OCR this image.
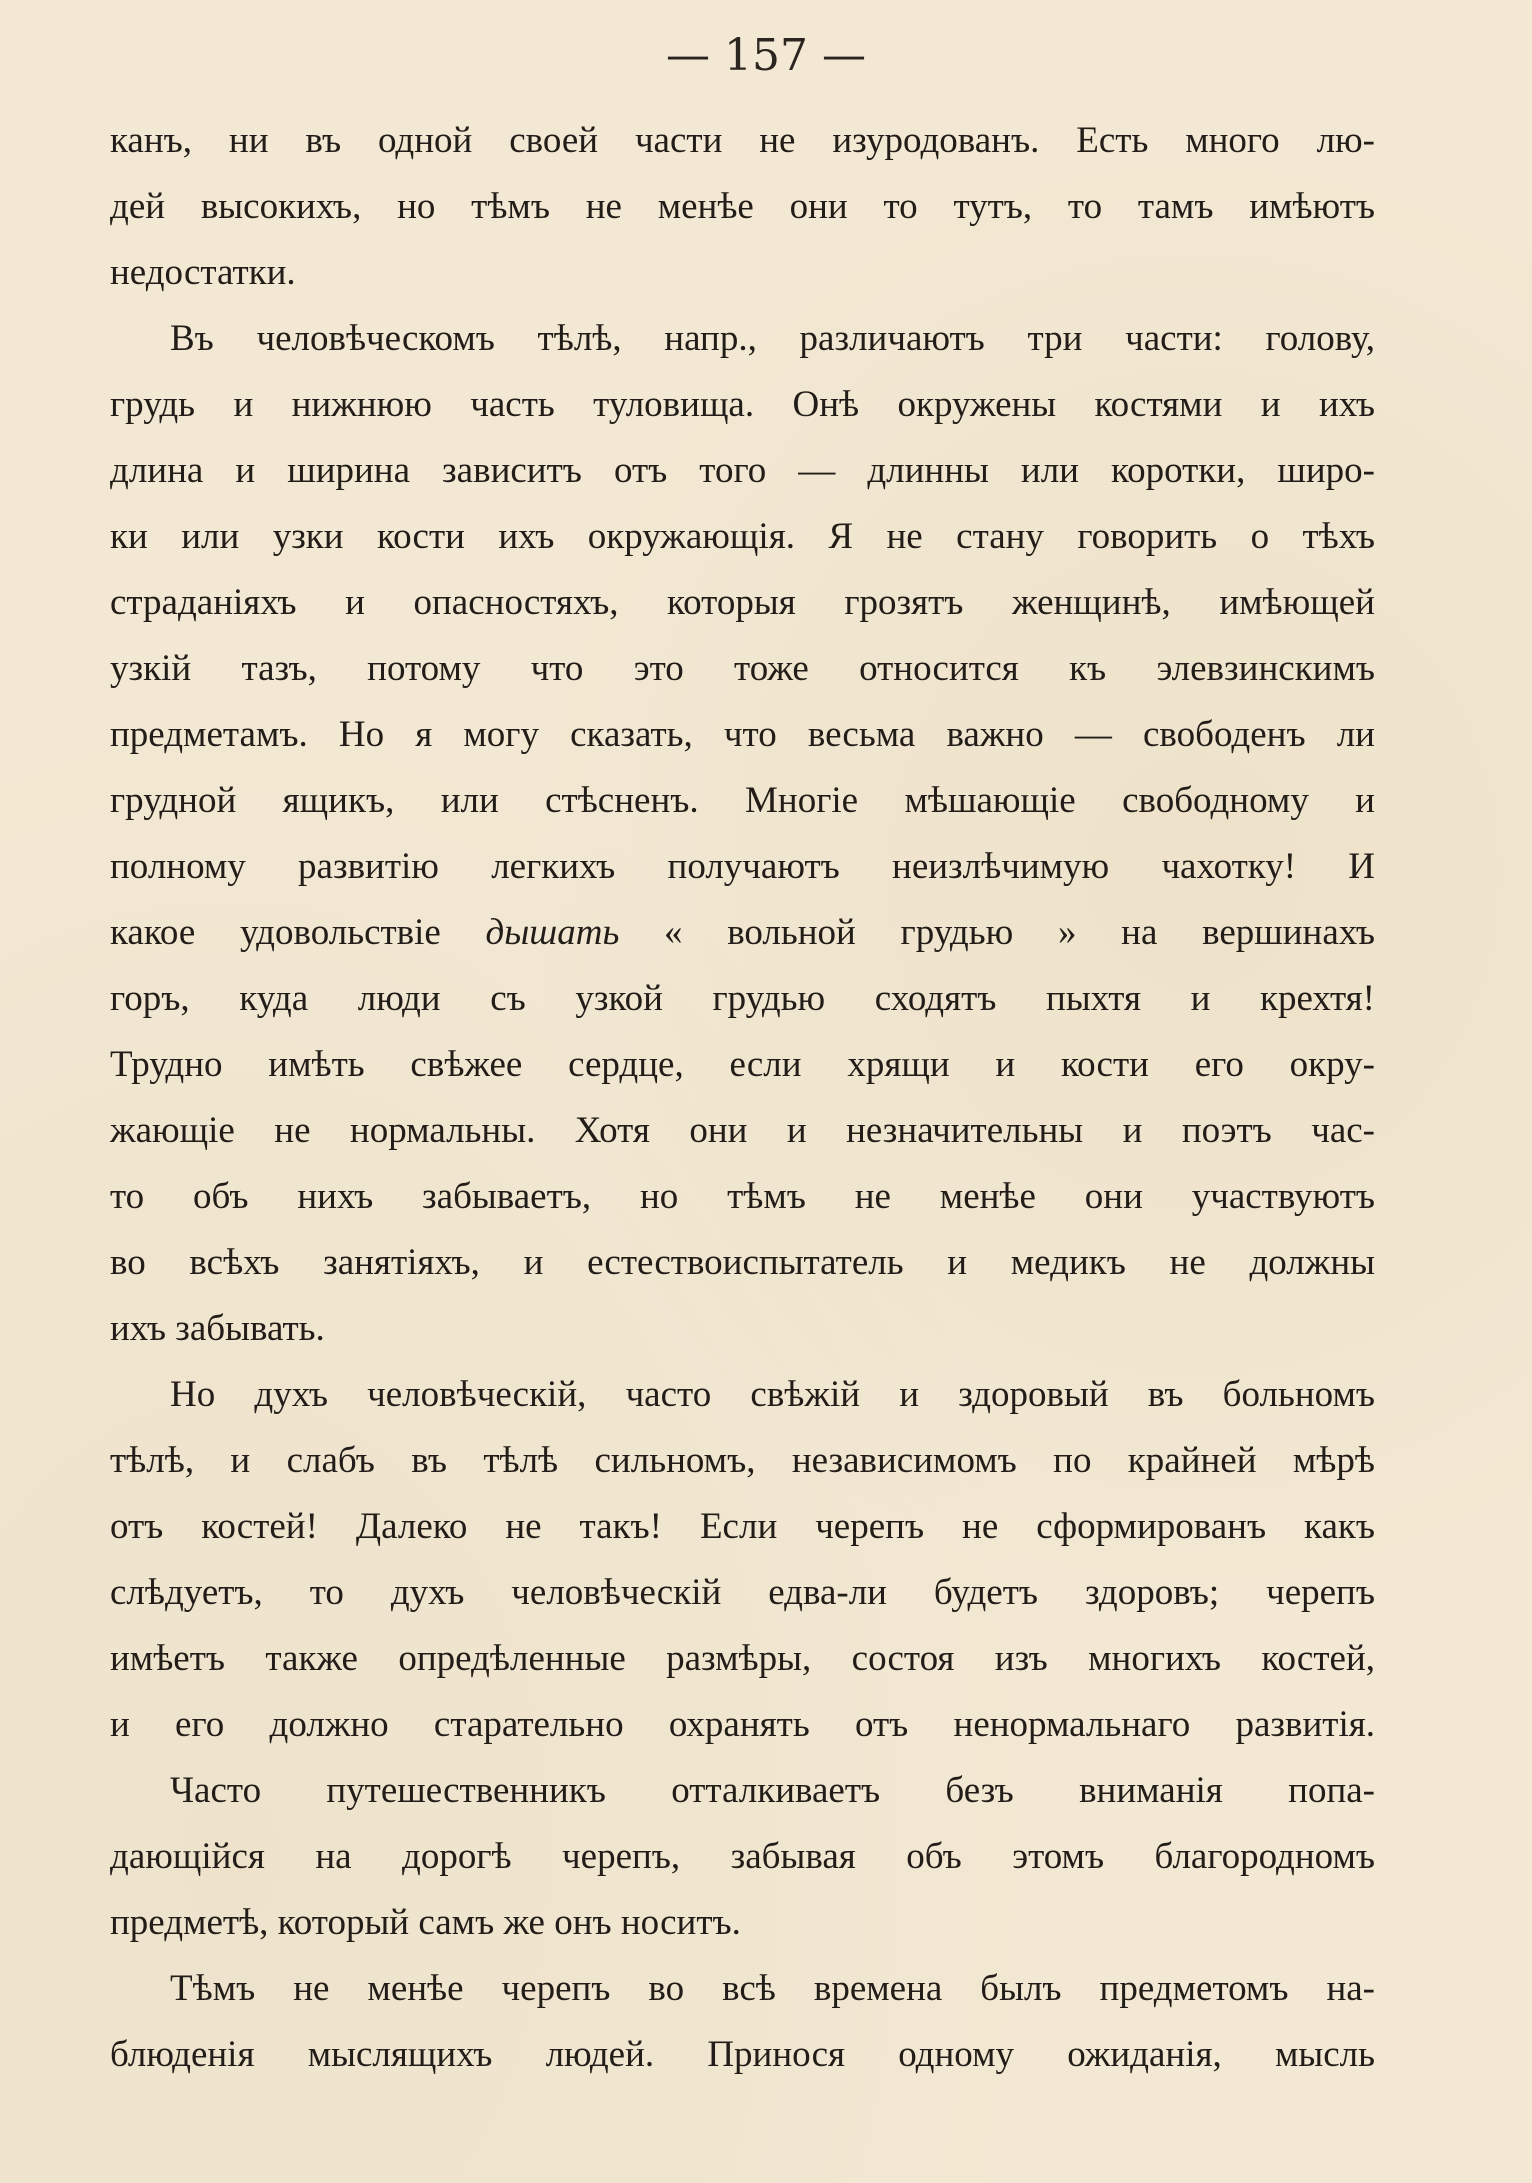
— 157 —
канъ, ни въ одной своей части не изуродованъ. Есть много лю-
дей высокихъ, но тѣмъ не менѣе они то тутъ, то тамъ имѣютъ
недостатки.
Въ человѣческомъ тѣлѣ, напр., различаютъ три части: голову,
грудь и нижнюю часть туловища. Онѣ окружены костями и ихъ
длина и ширина зависитъ отъ того — длинны или коротки, широ-
ки или узки кости ихъ окружающія. Я не стану говорить о тѣхъ
страданіяхъ и опасностяхъ, которыя грозятъ женщинѣ, имѣющей
узкій тазъ, потому что это тоже относится къ элевзинскимъ
предметамъ. Но я могу сказать, что весьма важно — свободенъ ли
грудной ящикъ, или стѣсненъ. Многіе мѣшающіе свободному и
полному развитію легкихъ получаютъ неизлѣчимую чахотку! И
какое удовольствіе дышать « вольной грудью » на вершинахъ
горъ, куда люди съ узкой грудью сходятъ пыхтя и крехтя!
Трудно имѣть свѣжее сердце, если хрящи и кости его окру-
жающіе не нормальны. Хотя они и незначительны и поэтъ час-
то объ нихъ забываетъ, но тѣмъ не менѣе они участвуютъ
во всѣхъ занятіяхъ, и естествоиспытатель и медикъ не должны
ихъ забывать.
Но духъ человѣческій, часто свѣжій и здоровый въ больномъ
тѣлѣ, и слабъ въ тѣлѣ сильномъ, независимомъ по крайней мѣрѣ
отъ костей! Далеко не такъ! Если черепъ не сформированъ какъ
слѣдуетъ, то духъ человѣческій едва-ли будетъ здоровъ; черепъ
имѣетъ также опредѣленные размѣры, состоя изъ многихъ костей,
и его должно старательно охранять отъ ненормальнаго развитія.
Часто путешественникъ отталкиваетъ безъ вниманія попа-
дающійся на дорогѣ черепъ, забывая объ этомъ благородномъ
предметѣ, который самъ же онъ носитъ.
Тѣмъ не менѣе черепъ во всѣ времена былъ предметомъ на-
блюденія мыслящихъ людей. Принося одному ожиданія, мысль
